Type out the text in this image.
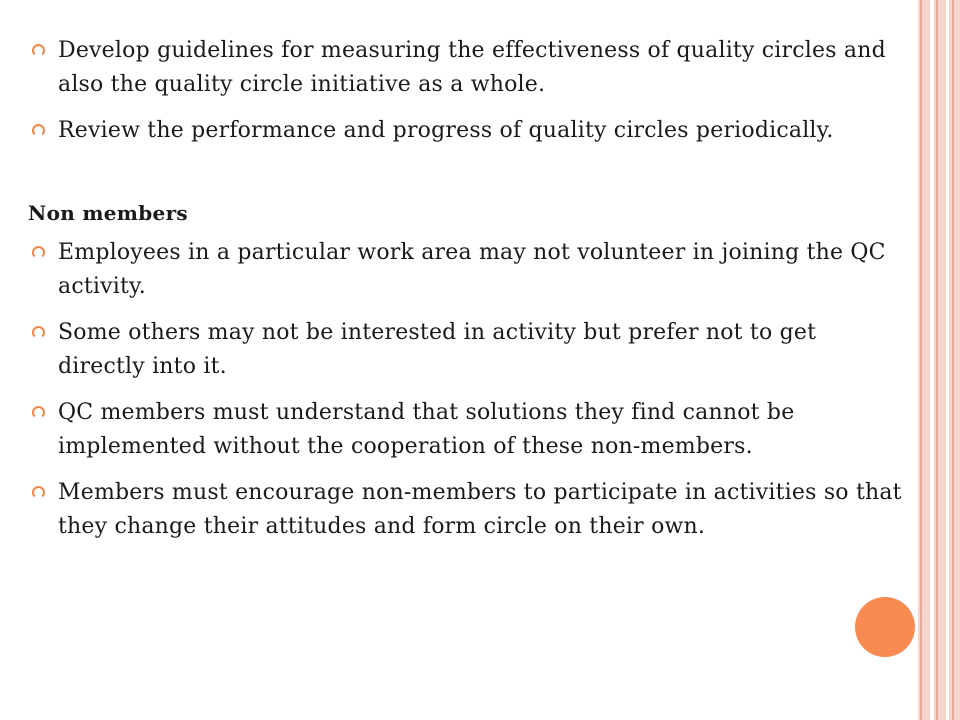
Develop guidelines for measuring the effectiveness of quality circles and also the quality circle initiative as a whole.
Review the performance and progress of quality circles periodically.
Non members
Employees in a particular work area may not volunteer in joining the QC activity.
Some others may not be interested in activity but prefer not to get directly into it.
QC members must understand that solutions they find cannot be implemented without the cooperation of these non-members.
Members must encourage non-members to participate in activities so that they change their attitudes and form circle on their own.
